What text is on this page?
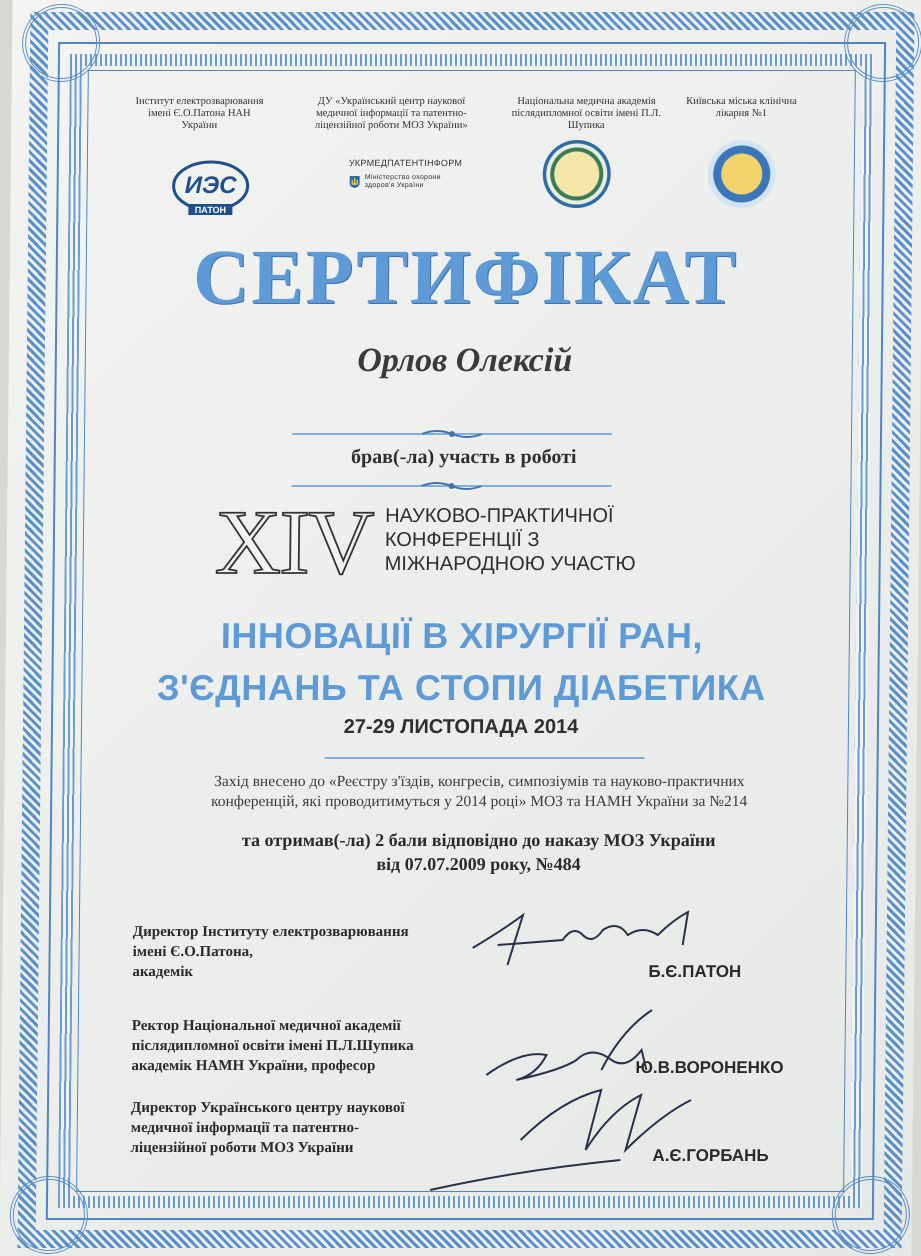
Інститут електрозварювання імені Є.О.Патона НАН України
ДУ «Український центр наукової медичної інформації та патентно-ліцензійної роботи МОЗ України»
Національна медична академія післядипломної освіти імені П.Л. Шупика
Київська міська клінічна лікарня №1
ИЭС
ПАТОН
УКРМЕДПАТЕНТІНФОРМ
Міністерство охорони здоров'я України
СЕРТИФІКАТ
Орлов Олексій
брав(-ла) участь в роботі
XIV НАУКОВО-ПРАКТИЧНОЇ
КОНФЕРЕНЦІЇ З
МІЖНАРОДНОЮ УЧАСТЮ
ІННОВАЦІЇ В ХІРУРГІЇ РАН,
З'ЄДНАНЬ ТА СТОПИ ДІАБЕТИКА
27-29 ЛИСТОПАДА 2014
Захід внесено до «Реєстру з'їздів, конгресів, симпозіумів та науково-практичних
конференцій, які проводитимуться у 2014 році» МОЗ та НАМН України за №214
та отримав(-ла) 2 бали відповідно до наказу МОЗ України
від 07.07.2009 року, №484
Директор Інституту електрозварювання
імені Є.О.Патона,
академік	Б.Є.ПАТОН
Ректор Національної медичної академії
післядипломної освіти імені П.Л.Шупика
академік НАМН України, професор	Ю.В.ВОРОНЕНКО
Директор Українського центру наукової
медичної інформації та патентно-
ліцензійної роботи МОЗ України	А.Є.ГОРБАНЬ
